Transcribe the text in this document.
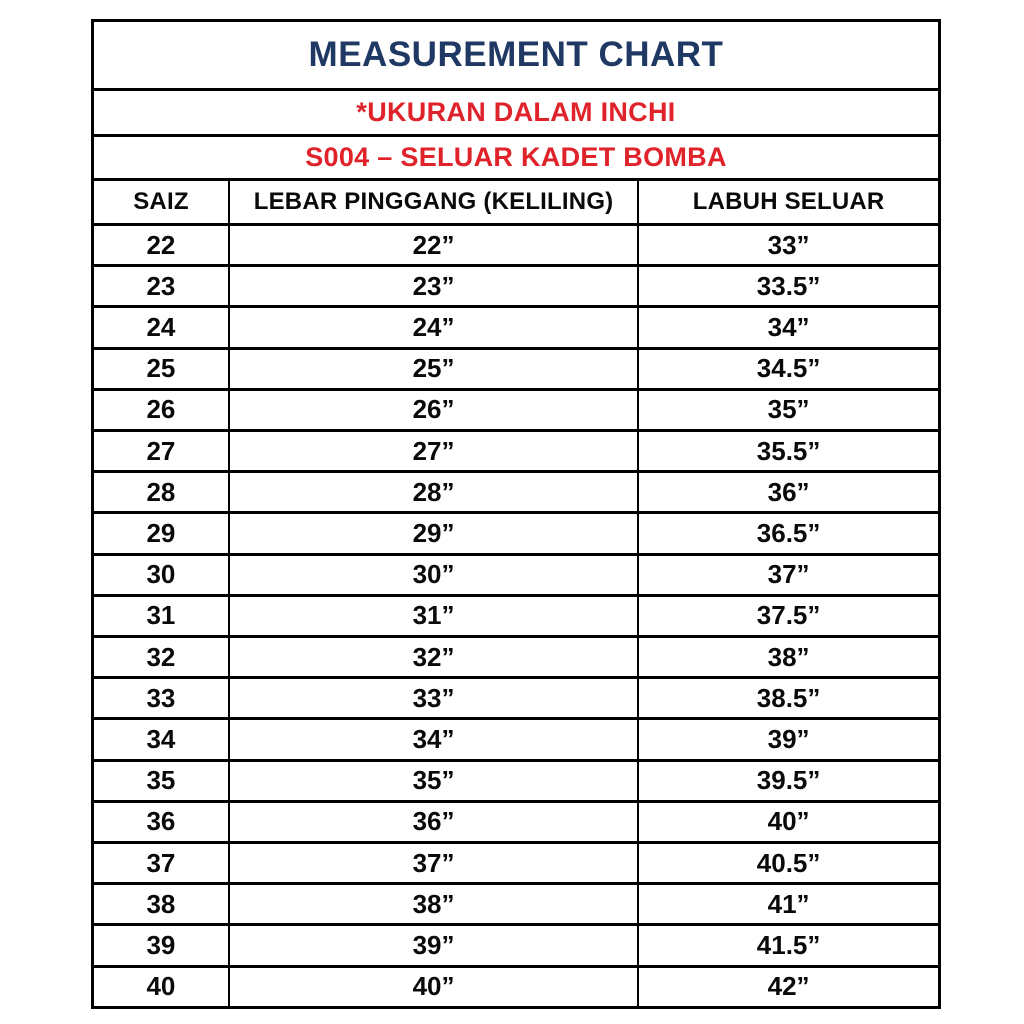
MEASUREMENT CHART
*UKURAN DALAM INCHI
S004 – SELUAR KADET BOMBA
SAIZ	LEBAR PINGGANG (KELILING)	LABUH SELUAR
22	22”	33”
23	23”	33.5”
24	24”	34”
25	25”	34.5”
26	26”	35”
27	27”	35.5”
28	28”	36”
29	29”	36.5”
30	30”	37”
31	31”	37.5”
32	32”	38”
33	33”	38.5”
34	34”	39”
35	35”	39.5”
36	36”	40”
37	37”	40.5”
38	38”	41”
39	39”	41.5”
40	40”	42”
